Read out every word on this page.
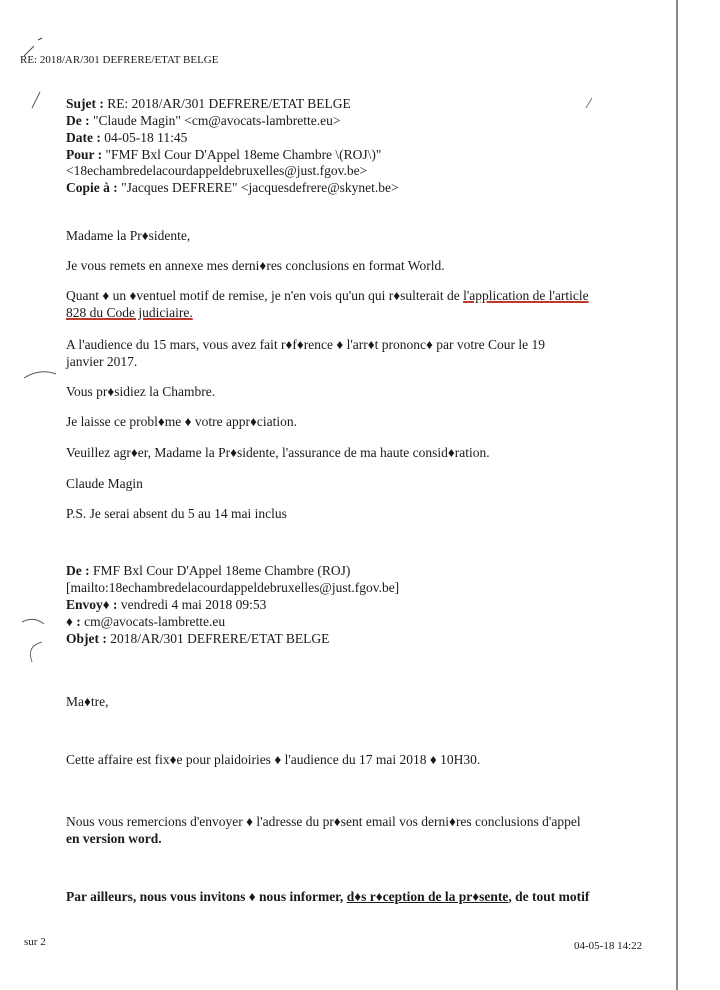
RE: 2018/AR/301 DEFRERE/ETAT BELGE
Sujet : RE: 2018/AR/301 DEFRERE/ETAT BELGE
De : "Claude Magin" <cm@avocats-lambrette.eu>
Date : 04-05-18 11:45
Pour : "FMF Bxl Cour D'Appel 18eme Chambre \(ROJ\)"
<18echambredelacourdappeldebruxelles@just.fgov.be>
Copie à : "Jacques DEFRERE" <jacquesdefrere@skynet.be>
Madame la Pr♦sidente,
Je vous remets en annexe mes derni♦res conclusions en format World.
Quant ♦ un ♦ventuel motif de remise, je n'en vois qu'un qui r♦sulterait de l'application de l'article
828 du Code judiciaire.
A l'audience du 15 mars, vous avez fait r♦f♦rence ♦ l'arr♦t prononc♦ par votre Cour le 19
janvier 2017.
Vous pr♦sidiez la Chambre.
Je laisse ce probl♦me ♦ votre appr♦ciation.
Veuillez agr♦er, Madame la Pr♦sidente, l'assurance de ma haute consid♦ration.
Claude Magin
P.S. Je serai absent du 5 au 14 mai inclus
De : FMF Bxl Cour D'Appel 18eme Chambre (ROJ)
[mailto:18echambredelacourdappeldebruxelles@just.fgov.be]
Envoy♦ : vendredi 4 mai 2018 09:53
♦ : cm@avocats-lambrette.eu
Objet : 2018/AR/301 DEFRERE/ETAT BELGE
Ma♦tre,
Cette affaire est fix♦e pour plaidoiries ♦ l'audience du 17 mai 2018 ♦ 10H30.
Nous vous remercions d'envoyer ♦ l'adresse du pr♦sent email vos derni♦res conclusions d'appel
en version word.
Par ailleurs, nous vous invitons ♦ nous informer, d♦s r♦ception de la pr♦sente, de tout motif
sur 2	04-05-18 14:22
